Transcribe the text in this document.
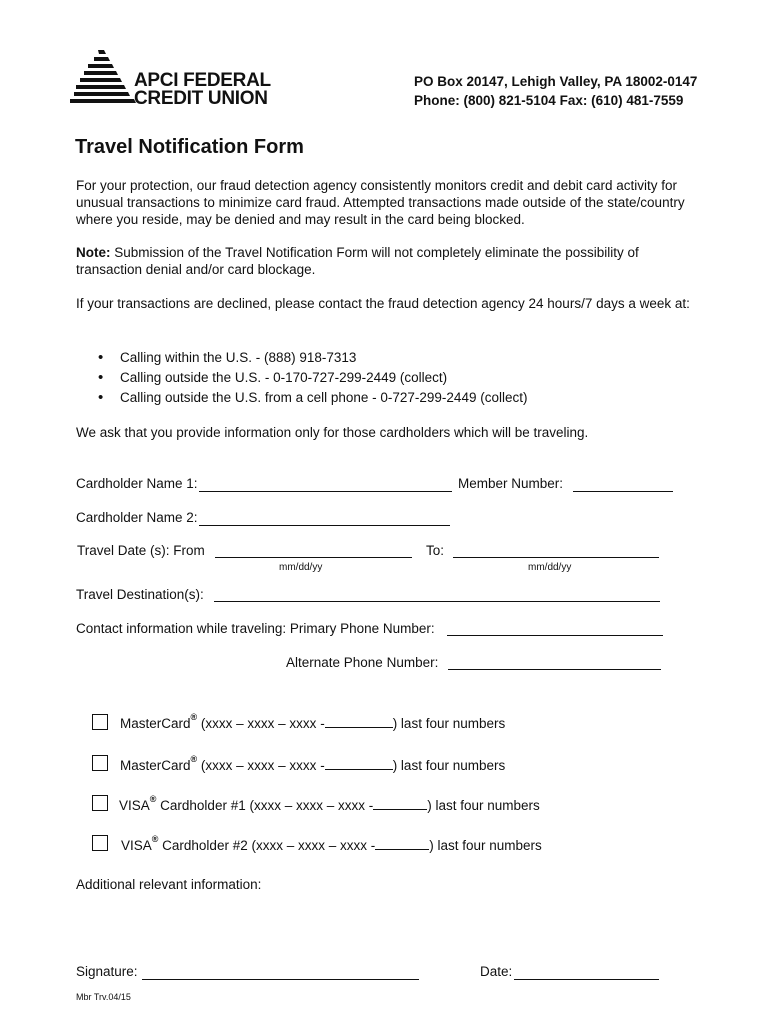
APCI FEDERAL
CREDIT UNION
PO Box 20147, Lehigh Valley, PA 18002-0147
Phone: (800) 821-5104 Fax: (610) 481-7559
Travel Notification Form
For your protection, our fraud detection agency consistently monitors credit and debit card activity for unusual transactions to minimize card fraud. Attempted transactions made outside of the state/country where you reside, may be denied and may result in the card being blocked.
Note: Submission of the Travel Notification Form will not completely eliminate the possibility of transaction denial and/or card blockage.
If your transactions are declined, please contact the fraud detection agency 24 hours/7 days a week at:
• Calling within the U.S. - (888) 918-7313
• Calling outside the U.S. - 0-170-727-299-2449 (collect)
• Calling outside the U.S. from a cell phone - 0-727-299-2449 (collect)
We ask that you provide information only for those cardholders which will be traveling.
Cardholder Name 1:	Member Number:
Cardholder Name 2:
Travel Date (s): From	To:
mm/dd/yy	mm/dd/yy
Travel Destination(s):
Contact information while traveling: Primary Phone Number:
Alternate Phone Number:
MasterCard® (xxxx – xxxx – xxxx -	) last four numbers
MasterCard® (xxxx – xxxx – xxxx -	) last four numbers
VISA® Cardholder #1 (xxxx – xxxx – xxxx -	) last four numbers
VISA® Cardholder #2 (xxxx – xxxx – xxxx -	) last four numbers
Additional relevant information:
Signature:	Date:
Mbr Trv.04/15
